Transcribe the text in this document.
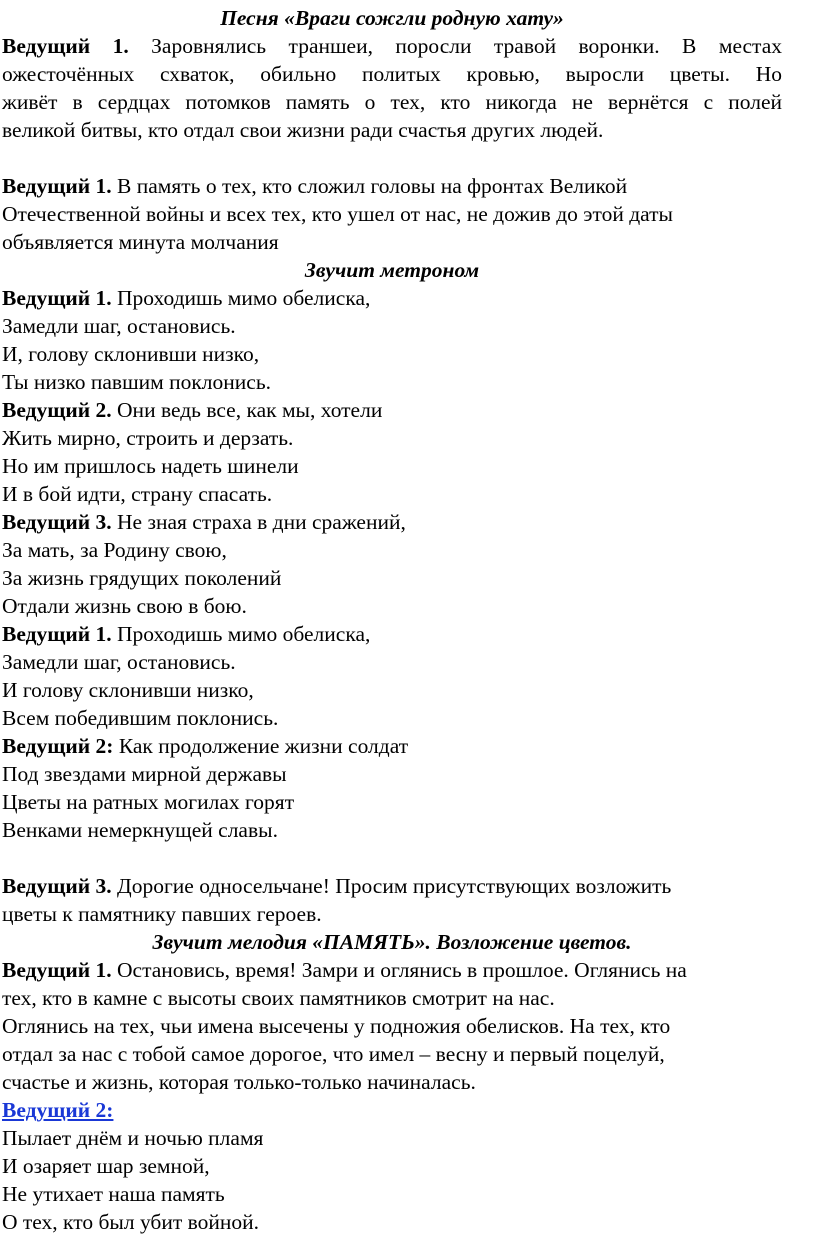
Песня «Враги сожгли родную хату»
Ведущий 1. Заровнялись траншеи, поросли травой воронки. В местах
ожесточённых схваток, обильно политых кровью, выросли цветы. Но
живёт в сердцах потомков память о тех, кто никогда не вернётся с полей
великой битвы, кто отдал свои жизни ради счастья других людей.
Ведущий 1. В память о тех, кто сложил головы на фронтах Великой
Отечественной войны и всех тех, кто ушел от нас, не дожив до этой даты
объявляется минута молчания
Звучит метроном
Ведущий 1. Проходишь мимо обелиска,
Замедли шаг, остановись.
И, голову склонивши низко,
Ты низко павшим поклонись.
Ведущий 2. Они ведь все, как мы, хотели
Жить мирно, строить и дерзать.
Но им пришлось надеть шинели
И в бой идти, страну спасать.
Ведущий 3. Не зная страха в дни сражений,
За мать, за Родину свою,
За жизнь грядущих поколений
Отдали жизнь свою в бою.
Ведущий 1. Проходишь мимо обелиска,
Замедли шаг, остановись.
И голову склонивши низко,
Всем победившим поклонись.
Ведущий 2: Как продолжение жизни солдат
Под звездами мирной державы
Цветы на ратных могилах горят
Венками немеркнущей славы.
Ведущий 3. Дорогие односельчане! Просим присутствующих возложить
цветы к памятнику павших героев.
Звучит мелодия «ПАМЯТЬ». Возложение цветов.
Ведущий 1. Остановись, время! Замри и оглянись в прошлое. Оглянись на
тех, кто в камне с высоты своих памятников смотрит на нас.
Оглянись на тех, чьи имена высечены у подножия обелисков. На тех, кто
отдал за нас с тобой самое дорогое, что имел – весну и первый поцелуй,
счастье и жизнь, которая только-только начиналась.
Ведущий 2:
Пылает днём и ночью пламя
И озаряет шар земной,
Не утихает наша память
О тех, кто был убит войной.
